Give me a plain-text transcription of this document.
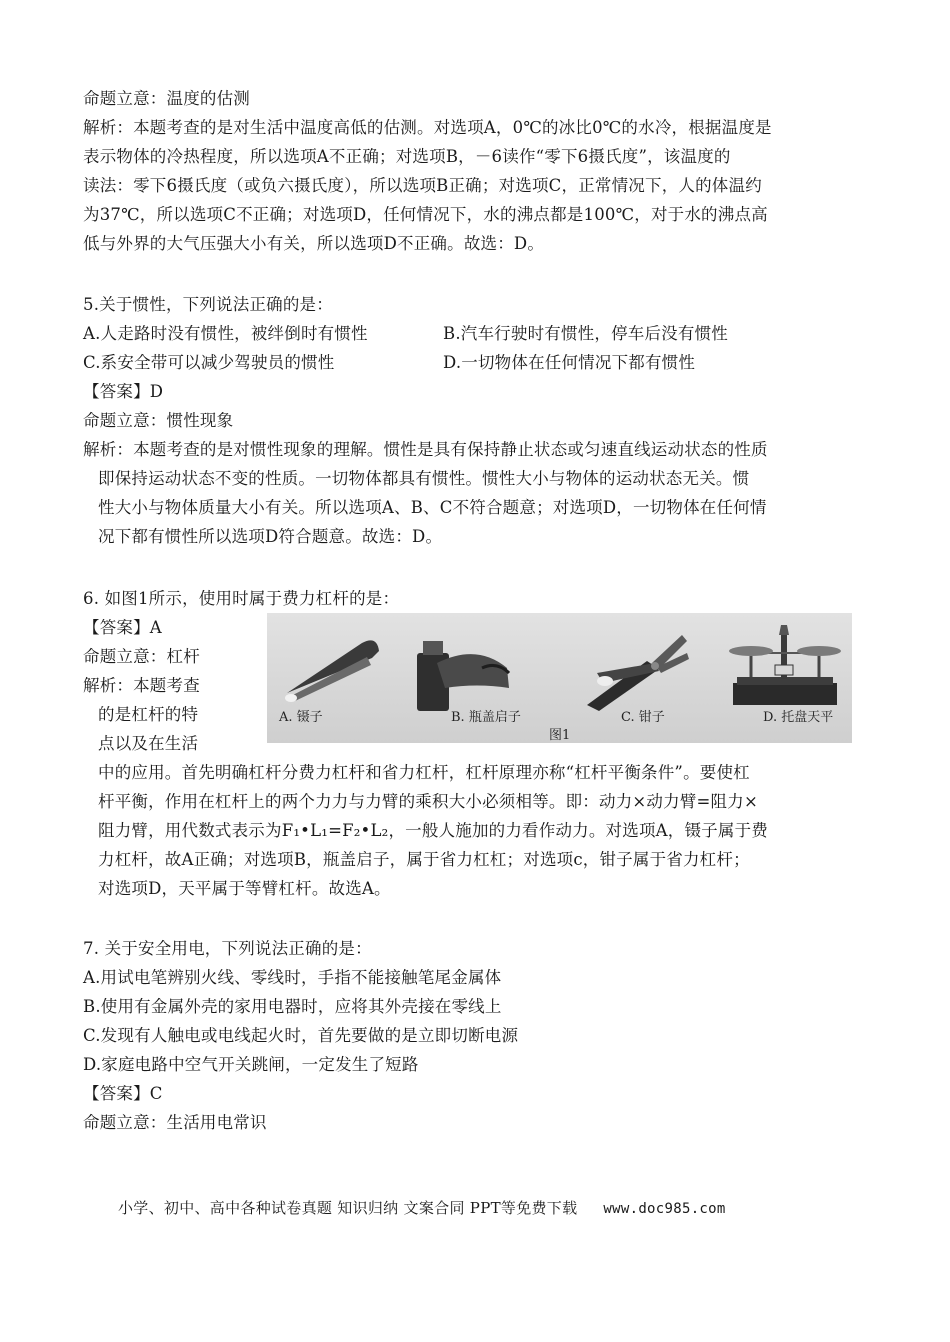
命题立意：温度的估测
解析：本题考查的是对生活中温度高低的估测。对选项A，0℃的冰比0℃的水冷，根据温度是
表示物体的冷热程度，所以选项A不正确；对选项B，－6读作“零下6摄氏度”，该温度的
读法：零下6摄氏度（或负六摄氏度），所以选项B正确；对选项C，正常情况下，人的体温约
为37℃，所以选项C不正确；对选项D，任何情况下，水的沸点都是100℃，对于水的沸点高
低与外界的大气压强大小有关，所以选项D不正确。故选：D。
5.关于惯性，下列说法正确的是：
A.人走路时没有惯性，被绊倒时有惯性	B.汽车行驶时有惯性，停车后没有惯性
C.系安全带可以减少驾驶员的惯性	D.一切物体在任何情况下都有惯性
【答案】D
命题立意：惯性现象
解析：本题考查的是对惯性现象的理解。惯性是具有保持静止状态或匀速直线运动状态的性质
即保持运动状态不变的性质。一切物体都具有惯性。惯性大小与物体的运动状态无关。惯
性大小与物体质量大小有关。所以选项A、B、C不符合题意；对选项D，一切物体在任何情
况下都有惯性所以选项D符合题意。故选：D。
6. 如图1所示，使用时属于费力杠杆的是：
【答案】A
命题立意：杠杆
解析：本题考查
的是杠杆的特
点以及在生活
中的应用。首先明确杠杆分费力杠杆和省力杠杆，杠杆原理亦称“杠杆平衡条件”。要使杠
杆平衡，作用在杠杆上的两个力力与力臂的乘积大小必须相等。即：动力×动力臂=阻力×
阻力臂，用代数式表示为F₁•L₁=F₂•L₂，一般人施加的力看作动力。对选项A，镊子属于费
力杠杆，故A正确；对选项B，瓶盖启子，属于省力杠杠；对选项c，钳子属于省力杠杆；
对选项D，天平属于等臂杠杆。故选A。
A. 镊子	B. 瓶盖启子	C. 钳子	D. 托盘天平
图1
7. 关于安全用电，下列说法正确的是：
A.用试电笔辨别火线、零线时，手指不能接触笔尾金属体
B.使用有金属外壳的家用电器时，应将其外壳接在零线上
C.发现有人触电或电线起火时，首先要做的是立即切断电源
D.家庭电路中空气开关跳闸，一定发生了短路
【答案】C
命题立意：生活用电常识
小学、初中、高中各种试卷真题 知识归纳 文案合同 PPT等免费下载 www.doc985.com
